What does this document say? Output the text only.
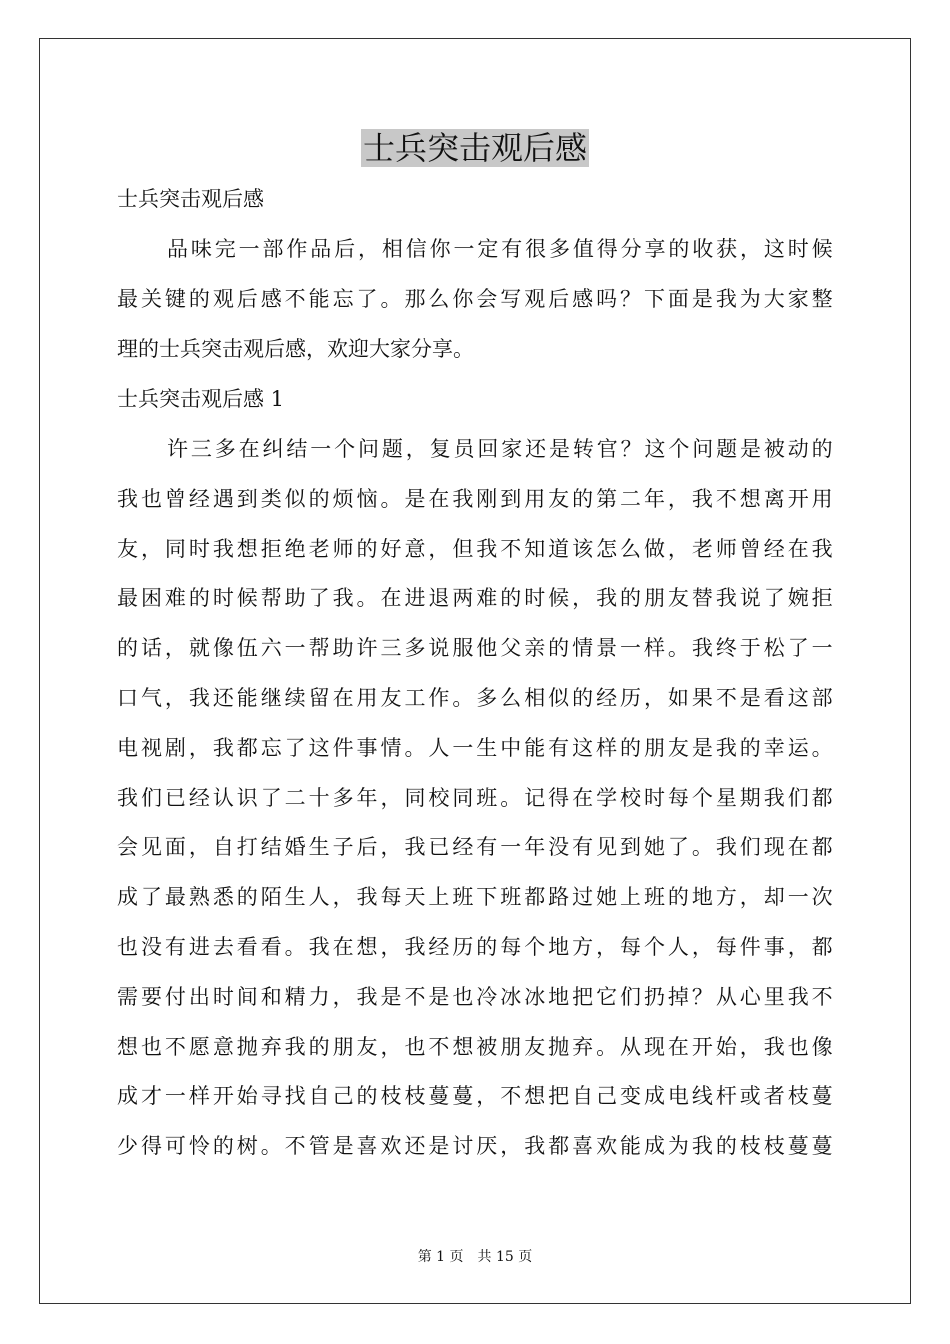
士兵突击观后感
士兵突击观后感
品 味 完 一 部 作 品 后 ， 相 信 你 一 定 有 很 多 值 得 分 享 的 收 获 ， 这 时 候
最 关 键 的 观 后 感 不 能 忘 了 。 那 么 你 会 写 观 后 感 吗 ？ 下 面 是 我 为 大 家 整
理的士兵突击观后感，欢迎大家分享。
士兵突击观后感 1
许 三 多 在 纠 结 一 个 问 题 ， 复 员 回 家 还 是 转 官 ？ 这 个 问 题 是 被 动 的
我 也 曾 经 遇 到 类 似 的 烦 恼 。 是 在 我 刚 到 用 友 的 第 二 年 ， 我 不 想 离 开 用
友 ， 同 时 我 想 拒 绝 老 师 的 好 意 ， 但 我 不 知 道 该 怎 么 做 ， 老 师 曾 经 在 我
最 困 难 的 时 候 帮 助 了 我 。 在 进 退 两 难 的 时 候 ， 我 的 朋 友 替 我 说 了 婉 拒
的 话 ， 就 像 伍 六 一 帮 助 许 三 多 说 服 他 父 亲 的 情 景 一 样 。 我 终 于 松 了 一
口 气 ， 我 还 能 继 续 留 在 用 友 工 作 。 多 么 相 似 的 经 历 ， 如 果 不 是 看 这 部
电 视 剧 ， 我 都 忘 了 这 件 事 情 。 人 一 生 中 能 有 这 样 的 朋 友 是 我 的 幸 运 。
我 们 已 经 认 识 了 二 十 多 年 ， 同 校 同 班 。 记 得 在 学 校 时 每 个 星 期 我 们 都
会 见 面 ， 自 打 结 婚 生 子 后 ， 我 已 经 有 一 年 没 有 见 到 她 了 。 我 们 现 在 都
成 了 最 熟 悉 的 陌 生 人 ， 我 每 天 上 班 下 班 都 路 过 她 上 班 的 地 方 ， 却 一 次
也 没 有 进 去 看 看 。 我 在 想 ， 我 经 历 的 每 个 地 方 ， 每 个 人 ， 每 件 事 ， 都
需 要 付 出 时 间 和 精 力 ， 我 是 不 是 也 冷 冰 冰 地 把 它 们 扔 掉 ？ 从 心 里 我 不
想 也 不 愿 意 抛 弃 我 的 朋 友 ， 也 不 想 被 朋 友 抛 弃 。 从 现 在 开 始 ， 我 也 像
成 才 一 样 开 始 寻 找 自 己 的 枝 枝 蔓 蔓 ， 不 想 把 自 己 变 成 电 线 杆 或 者 枝 蔓
少 得 可 怜 的 树 。 不 管 是 喜 欢 还 是 讨 厌 ， 我 都 喜 欢 能 成 为 我 的 枝 枝 蔓 蔓
第 1 页　共 15 页
